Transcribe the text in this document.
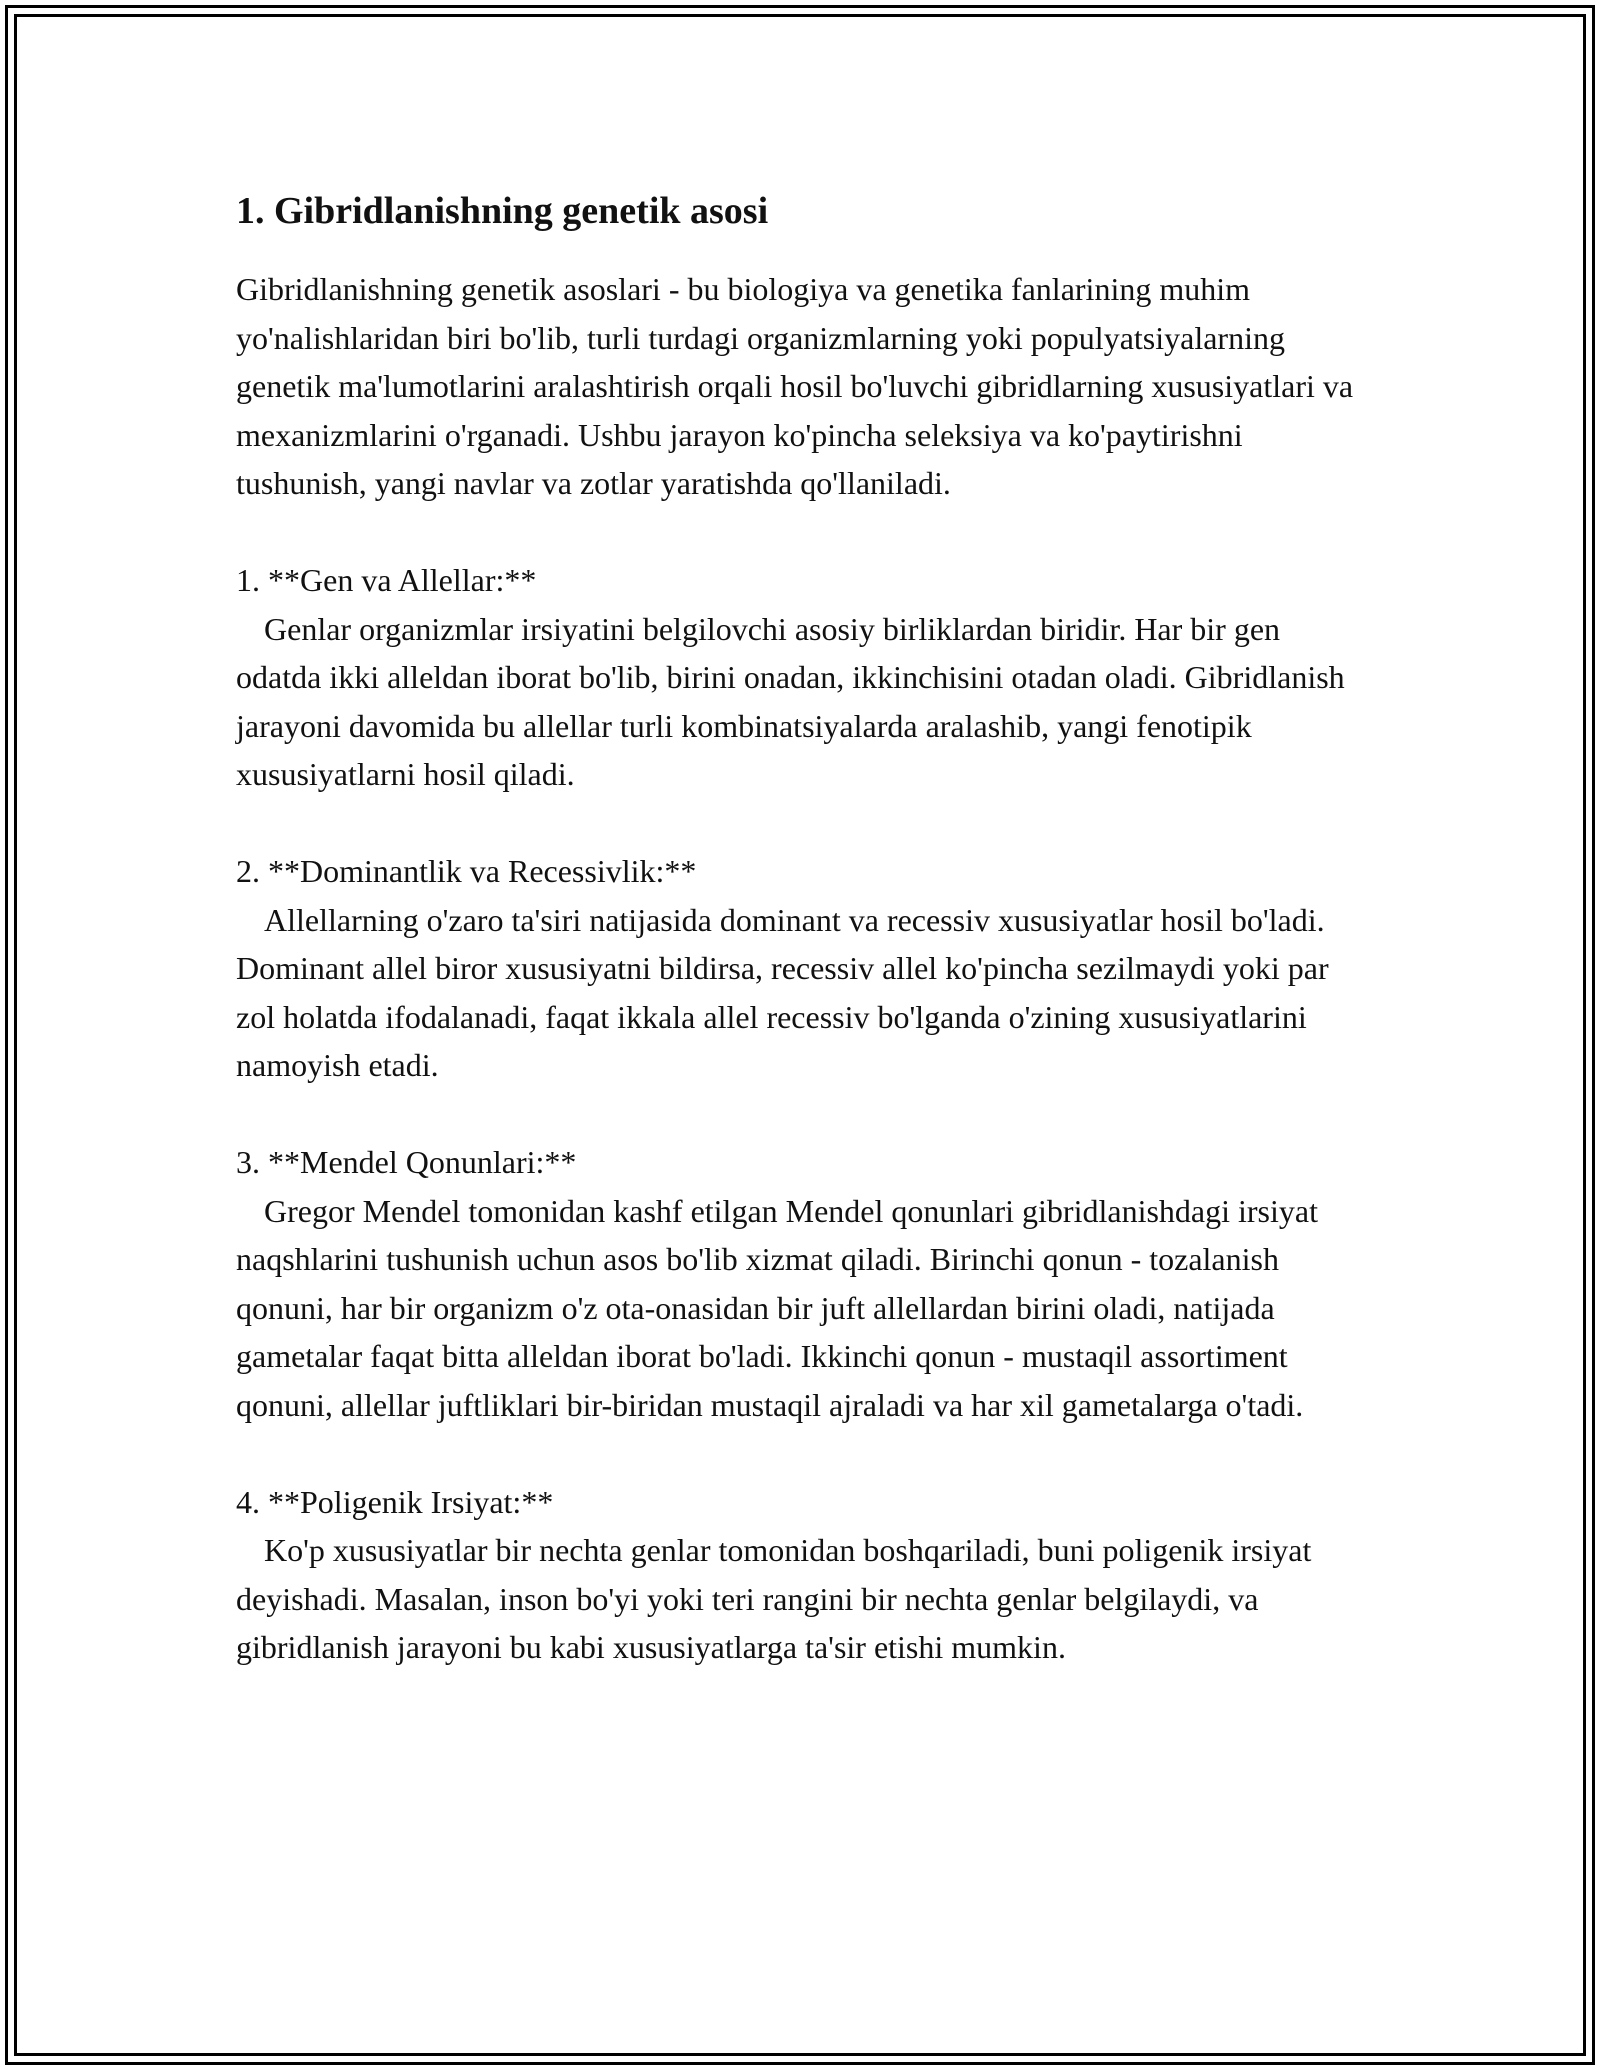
1. Gibridlanishning genetik asosi

Gibridlanishning genetik asoslari - bu biologiya va genetika fanlarining muhim yo'nalishlaridan biri bo'lib, turli turdagi organizmlarning yoki populyatsiyalarning genetik ma'lumotlarini aralashtirish orqali hosil bo'luvchi gibridlarning xususiyatlari va mexanizmlarini o'rganadi. Ushbu jarayon ko'pincha seleksiya va ko'paytirishni tushunish, yangi navlar va zotlar yaratishda qo'llaniladi.

1. **Gen va Allellar:**

Genlar organizmlar irsiyatini belgilovchi asosiy birliklardan biridir. Har bir gen odatda ikki alleldan iborat bo'lib, birini onadan, ikkinchisini otadan oladi. Gibridlanish jarayoni davomida bu allellar turli kombinatsiyalarda aralashib, yangi fenotipik xususiyatlarni hosil qiladi.

2. **Dominantlik va Recessivlik:**

Allellarning o'zaro ta'siri natijasida dominant va recessiv xususiyatlar hosil bo'ladi. Dominant allel biror xususiyatni bildirsa, recessiv allel ko'pincha sezilmaydi yoki par zol holatda ifodalanadi, faqat ikkala allel recessiv bo'lganda o'zining xususiyatlarini namoyish etadi.

3. **Mendel Qonunlari:**

Gregor Mendel tomonidan kashf etilgan Mendel qonunlari gibridlanishdagi irsiyat naqshlarini tushunish uchun asos bo'lib xizmat qiladi. Birinchi qonun - tozalanish qonuni, har bir organizm o'z ota-onasidan bir juft allellardan birini oladi, natijada gametalar faqat bitta alleldan iborat bo'ladi. Ikkinchi qonun - mustaqil assortiment qonuni, allellar juftliklari bir-biridan mustaqil ajraladi va har xil gametalarga o'tadi.

4. **Poligenik Irsiyat:**

Ko'p xususiyatlar bir nechta genlar tomonidan boshqariladi, buni poligenik irsiyat deyishadi. Masalan, inson bo'yi yoki teri rangini bir nechta genlar belgilaydi, va gibridlanish jarayoni bu kabi xususiyatlarga ta'sir etishi mumkin.
